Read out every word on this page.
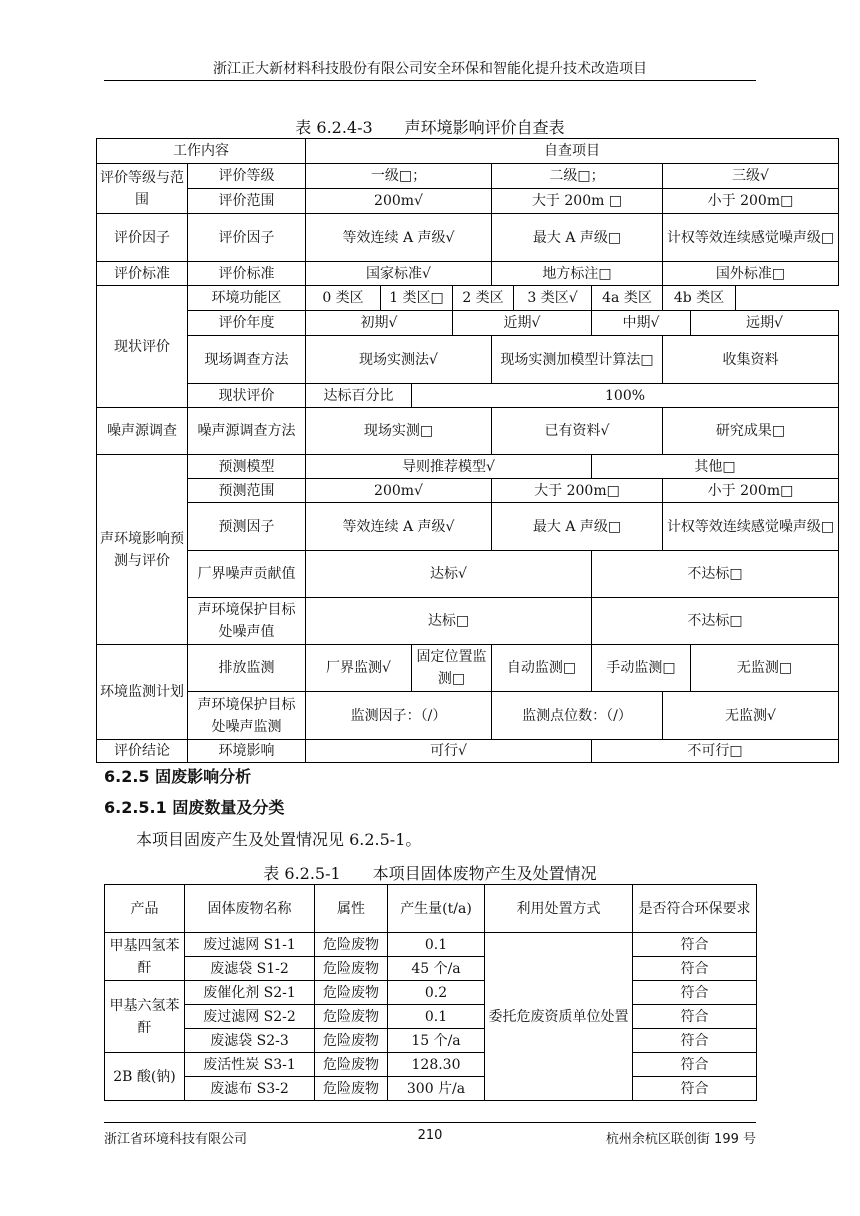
浙江正大新材料科技股份有限公司安全环保和智能化提升技术改造项目
表 6.2.4-3　　声环境影响评价自查表
工作内容		自查项目								
评价等级与范围	评价等级	一级□；				二级□；			三级√	
	评价范围	200m√				大于 200m □			小于 200m□	
评价因子	评价因子	等效连续 A 声级√				最大 A 声级□			计权等效连续感觉噪声级□	
评价标准	评价标准	国家标准√				地方标注□			国外标准□	
现状评价	环境功能区	0 类区	1 类区□		2 类区		3 类区√	4a 类区	4b 类区	
	评价年度	初期√			近期√			中期√		远期√
	现场调查方法	现场实测法√				现场实测加模型计算法□			收集资料	
	现状评价	达标百分比		100%						
噪声源调查	噪声源调查方法	现场实测□				已有资料√			研究成果□	
声环境影响预测与评价	预测模型	导则推荐模型√						其他□		
	预测范围	200m√				大于 200m□			小于 200m□	
	预测因子	等效连续 A 声级√				最大 A 声级□			计权等效连续感觉噪声级□	
	厂界噪声贡献值	达标√						不达标□		
	声环境保护目标处噪声值	达标□						不达标□		
环境监测计划	排放监测	厂界监测√		固定位置监测□		自动监测□		手动监测□		无监测□
	声环境保护目标处噪声监测	监测因子：（/）				监测点位数：（/）			无监测√	
评价结论	环境影响	可行√						不可行□		
6.2.5 固废影响分析
6.2.5.1 固废数量及分类
本项目固废产生及处置情况见 6.2.5-1。
表 6.2.5-1　　本项目固体废物产生及处置情况
产品	固体废物名称	属性	产生量(t/a)	利用处置方式	是否符合环保要求
甲基四氢苯酐	废过滤网 S1-1	危险废物	0.1	委托危废资质单位处置	符合
	废滤袋 S1-2	危险废物	45 个/a		符合
甲基六氢苯酐	废催化剂 S2-1	危险废物	0.2		符合
	废过滤网 S2-2	危险废物	0.1		符合
	废滤袋 S2-3	危险废物	15 个/a		符合
2B 酸(钠)	废活性炭 S3-1	危险废物	128.30		符合
	废滤布 S3-2	危险废物	300 片/a		符合
浙江省环境科技有限公司	210	杭州余杭区联创街 199 号
